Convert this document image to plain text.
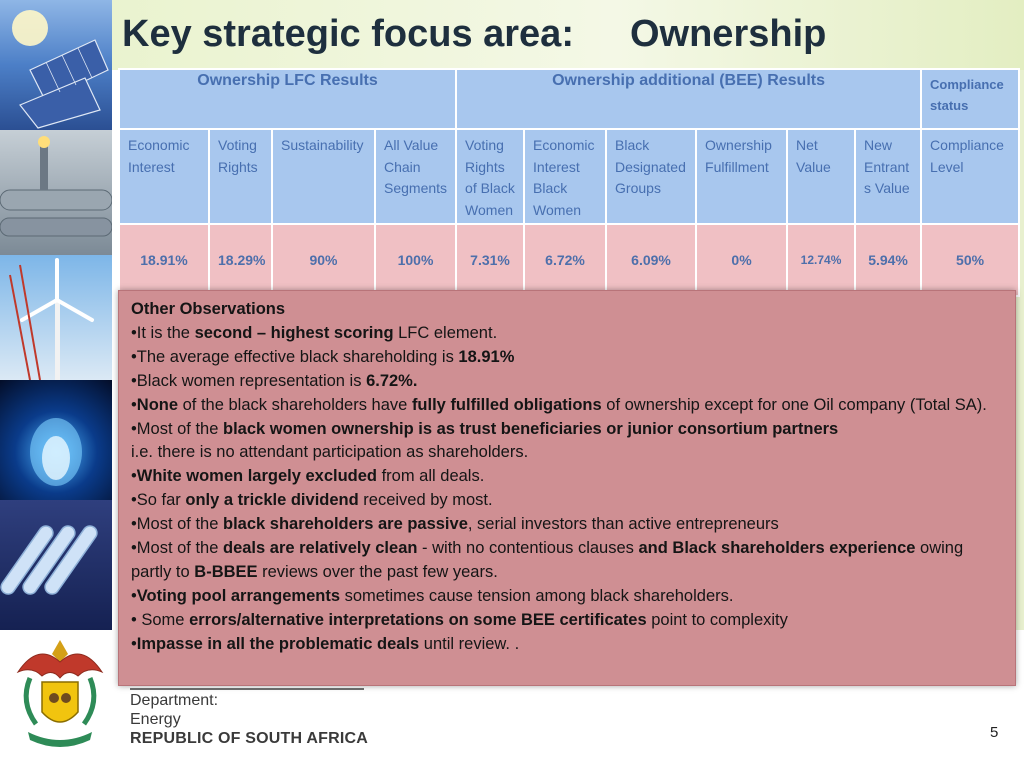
Key strategic focus area: Ownership
Ownership LFC Results				Ownership additional (BEE) Results						Compliance status
Economic Interest	Voting Rights	Sustainability	All Value Chain Segments	Voting Rights of Black Women	Economic Interest Black Women	Black Designated Groups	Ownership Fulfillment	Net Value	New Entrant s Value	Compliance Level
18.91%	18.29%	90%	100%	7.31%	6.72%	6.09%	0%	12.74%	5.94%	50%

Other Observations

•It is the second – highest scoring LFC element.

•The average effective black shareholding is 18.91%

•Black women representation is 6.72%.

•None of the black shareholders have fully fulfilled obligations of ownership except for one Oil company (Total SA).

•Most of the black women ownership is as trust beneficiaries or junior consortium partners

i.e. there is no attendant participation as shareholders.

•White women largely excluded from all deals.

•So far only a trickle dividend received by most.

•Most of the black shareholders are passive, serial investors than active entrepreneurs

•Most of the deals are relatively clean - with no contentious clauses and Black shareholders experience owing partly to B-BBEE reviews over the past few years.

•Voting pool arrangements sometimes cause tension among black shareholders.

• Some errors/alternative interpretations on some BEE certificates point to complexity

•Impasse in all the problematic deals until review. .

Department:
Energy
REPUBLIC OF SOUTH AFRICA	5
